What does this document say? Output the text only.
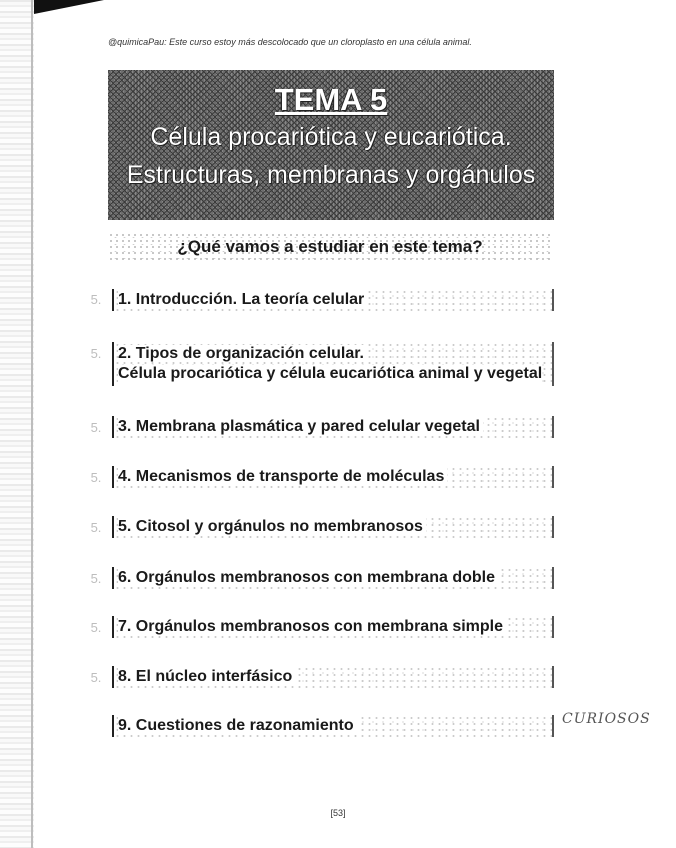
@quimicaPau: Este curso estoy más descolocado que un cloroplasto en una célula animal.
TEMA 5
Célula procariótica y eucariótica.
Estructuras, membranas y orgánulos
¿Qué vamos a estudiar en este tema?
5.	1. Introducción. La teoría celular
5. 2. Tipos de organización celular.
Célula procariótica y célula eucariótica animal y vegetal
5.	3. Membrana plasmática y pared celular vegetal
5.	4. Mecanismos de transporte de moléculas
5.	5. Citosol y orgánulos no membranosos
5.	6. Orgánulos membranosos con membrana doble
5.	7. Orgánulos membranosos con membrana simple
5.	8. El núcleo interfásico
9. Cuestiones de razonamiento	CURIOSOS
[53]
